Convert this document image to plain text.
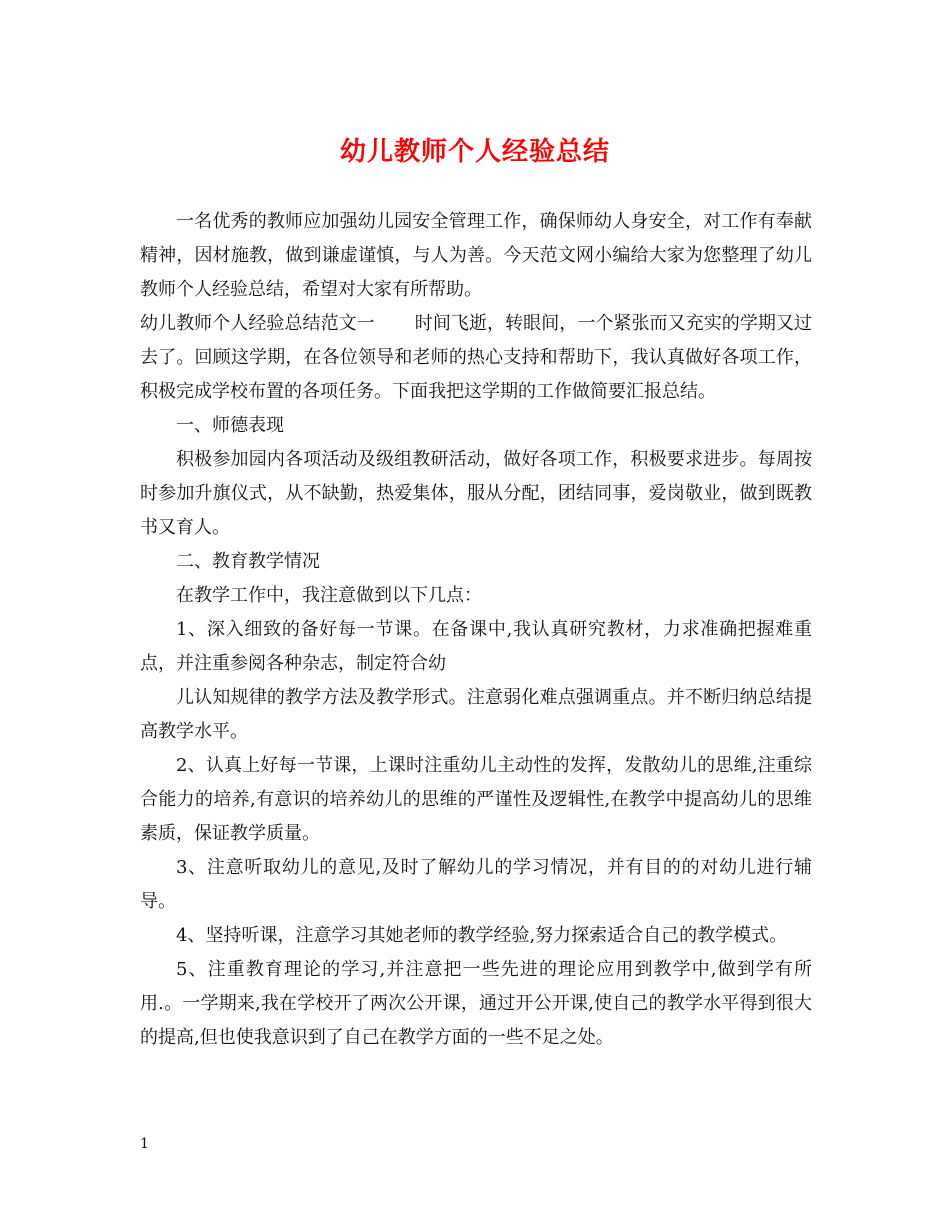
幼儿教师个人经验总结

一名优秀的教师应加强幼儿园安全管理工作，确保师幼人身安全，对工作有奉献精神，因材施教，做到谦虚谨慎，与人为善。今天范文网小编给大家为您整理了幼儿教师个人经验总结，希望对大家有所帮助。

幼儿教师个人经验总结范文一 时间飞逝，转眼间，一个紧张而又充实的学期又过去了。回顾这学期，在各位领导和老师的热心支持和帮助下，我认真做好各项工作，积极完成学校布置的各项任务。下面我把这学期的工作做简要汇报总结。

一、师德表现

积极参加园内各项活动及级组教研活动，做好各项工作，积极要求进步。每周按时参加升旗仪式，从不缺勤，热爱集体，服从分配，团结同事，爱岗敬业，做到既教书又育人。

二、教育教学情况

在教学工作中，我注意做到以下几点：

1、深入细致的备好每一节课。在备课中,我认真研究教材，力求准确把握难重点，并注重参阅各种杂志，制定符合幼

儿认知规律的教学方法及教学形式。注意弱化难点强调重点。并不断归纳总结提高教学水平。

2、认真上好每一节课，上课时注重幼儿主动性的发挥，发散幼儿的思维,注重综合能力的培养,有意识的培养幼儿的思维的严谨性及逻辑性,在教学中提高幼儿的思维素质，保证教学质量。

3、注意听取幼儿的意见,及时了解幼儿的学习情况，并有目的的对幼儿进行辅导。

4、坚持听课，注意学习其她老师的教学经验,努力探索适合自己的教学模式。

5、注重教育理论的学习,并注意把一些先进的理论应用到教学中,做到学有所用.。一学期来,我在学校开了两次公开课，通过开公开课,使自己的教学水平得到很大的提高,但也使我意识到了自己在教学方面的一些不足之处。

1
